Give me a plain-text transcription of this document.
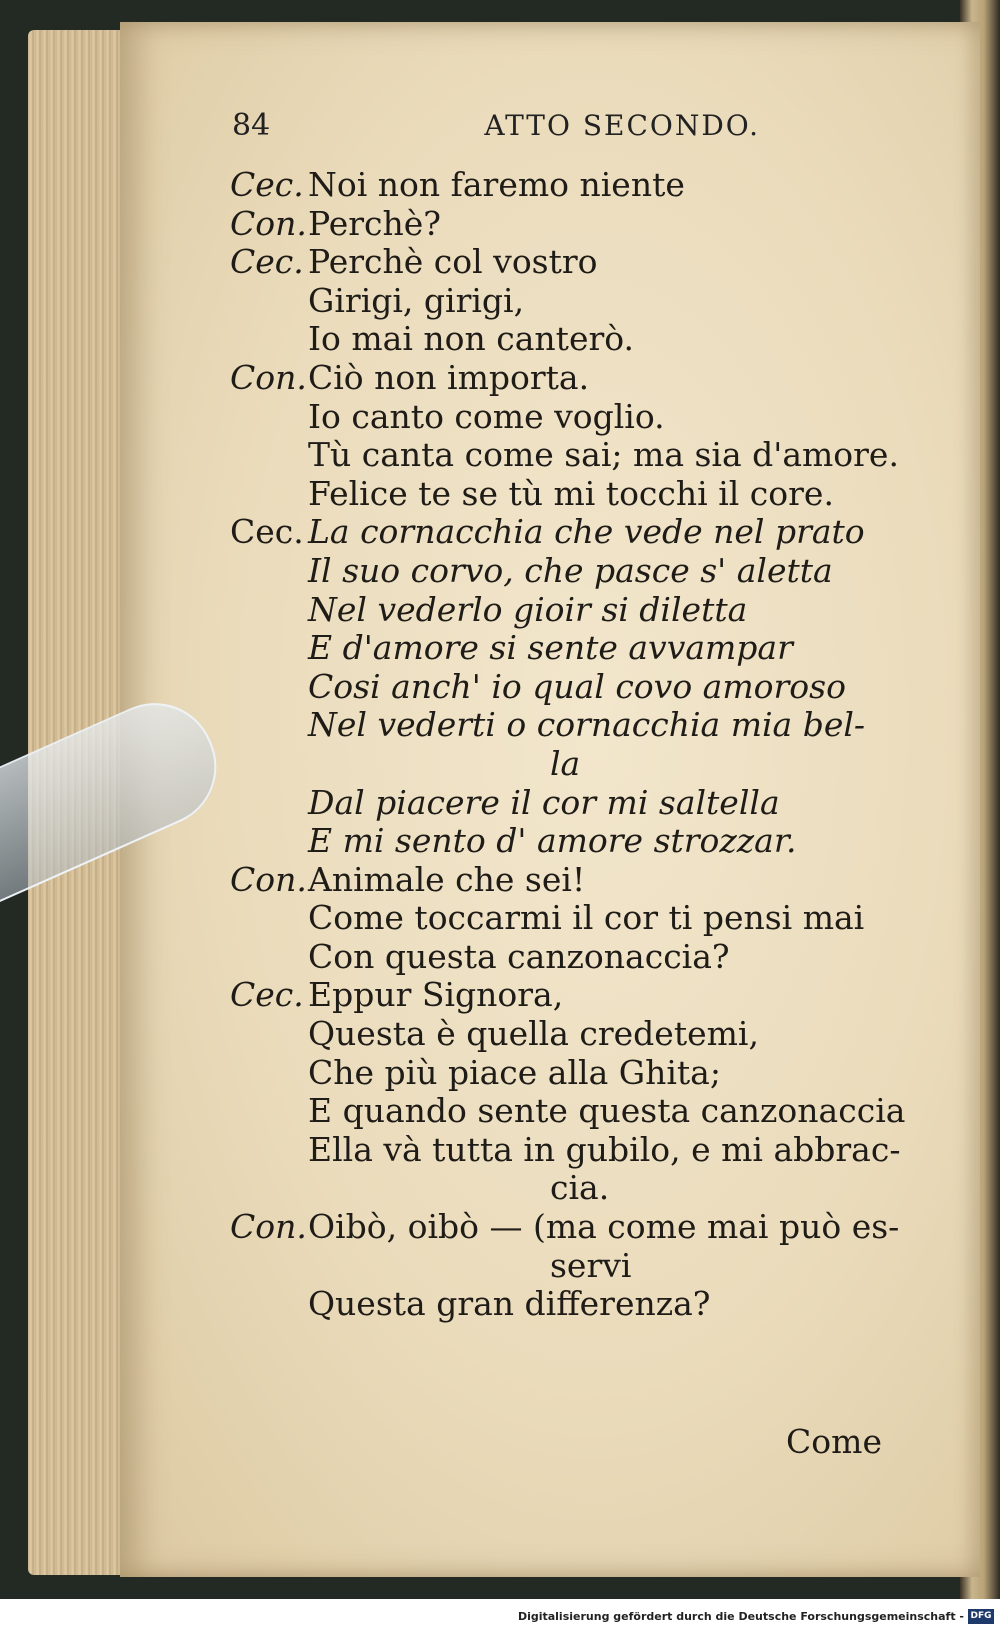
84	ATTO SECONDO.
Cec. Noi non faremo niente
Con. Perchè?
Cec. Perchè col vostro
Girigi, girigi,
Io mai non canterò.
Con. Ciò non importa.
Io canto come voglio.
Tù canta come sai; ma sia d'amore.
Felice te se tù mi tocchi il core.
Cec. La cornacchia che vede nel prato
Il suo corvo, che pasce s' aletta
Nel vederlo gioir si diletta
E d'amore si sente avvampar
Cosi anch' io qual covo amoroso
Nel vederti o cornacchia mia bel-
la
Dal piacere il cor mi saltella
E mi sento d' amore strozzar.
Con. Animale che sei!
Come toccarmi il cor ti pensi mai
Con questa canzonaccia?
Cec. Eppur Signora,
Questa è quella credetemi,
Che più piace alla Ghita;
E quando sente questa canzonaccia
Ella và tutta in gubilo, e mi abbrac-
cia.
Con. Oibò, oibò — (ma come mai può es-
servi
Questa gran differenza?
Come
Digitalisierung gefördert durch die Deutsche Forschungsgemeinschaft - DFG
